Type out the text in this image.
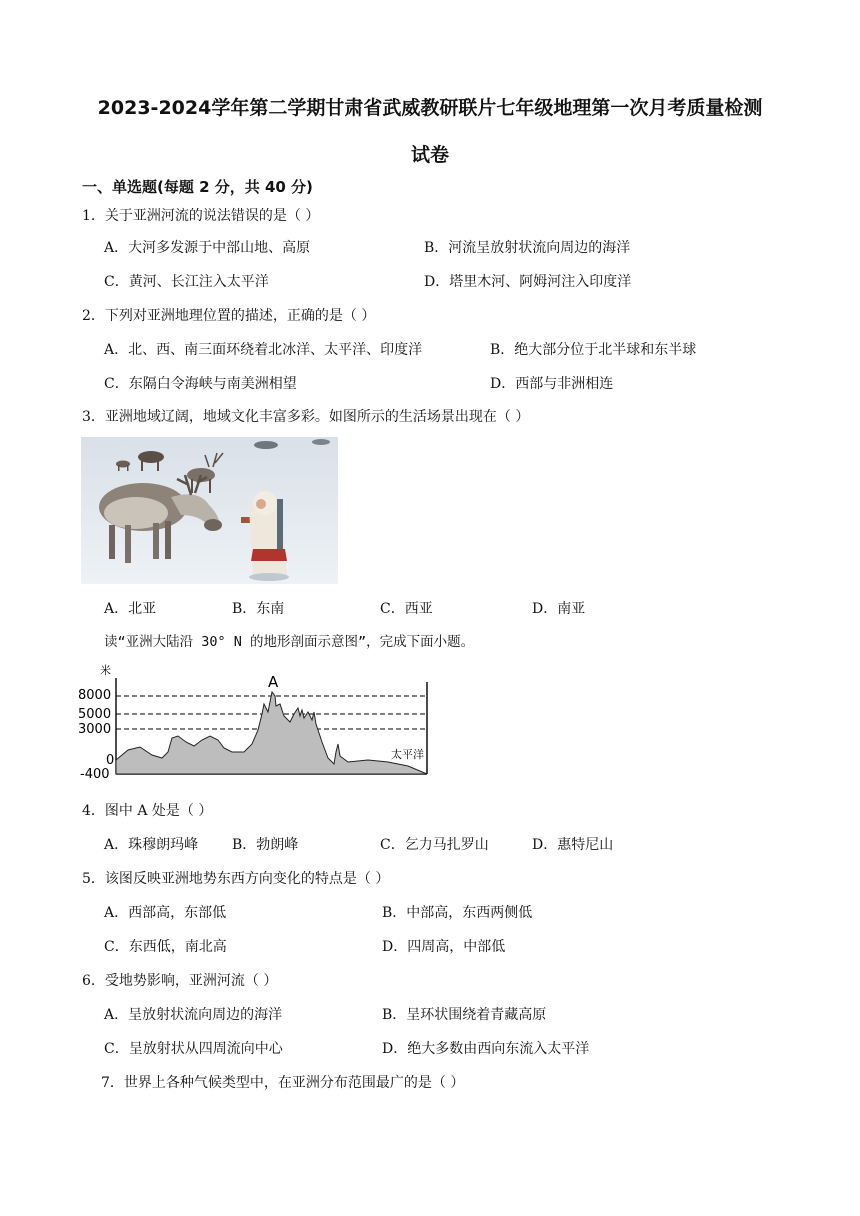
2023-2024学年第二学期甘肃省武威教研联片七年级地理第一次月考质量检测
试卷
一、单选题(每题 2 分，共 40 分)
1．关于亚洲河流的说法错误的是（ ）
A．大河多发源于中部山地、高原	B．河流呈放射状流向周边的海洋
C．黄河、长江注入太平洋	D．塔里木河、阿姆河注入印度洋
2．下列对亚洲地理位置的描述，正确的是（ ）
A．北、西、南三面环绕着北冰洋、太平洋、印度洋	B．绝大部分位于北半球和东半球
C．东隔白令海峡与南美洲相望	D．西部与非洲相连
3．亚洲地域辽阔，地域文化丰富多彩。如图所示的生活场景出现在（ ）
A．北亚	B．东南	C．西亚	D．南亚
读“亚洲大陆沿 30° N 的地形剖面示意图”，完成下面小题。
米
8000
5000
3000
0
-400
A
太平洋
4．图中 A 处是（ ）
A．珠穆朗玛峰 B．勃朗峰	C．乞力马扎罗山	D．惠特尼山
5．该图反映亚洲地势东西方向变化的特点是（ ）
A．西部高，东部低	B．中部高，东西两侧低
C．东西低，南北高	D．四周高，中部低
6．受地势影响，亚洲河流（ ）
A．呈放射状流向周边的海洋	B．呈环状围绕着青藏高原
C．呈放射状从四周流向中心	D．绝大多数由西向东流入太平洋
7．世界上各种气候类型中，在亚洲分布范围最广的是（ ）
